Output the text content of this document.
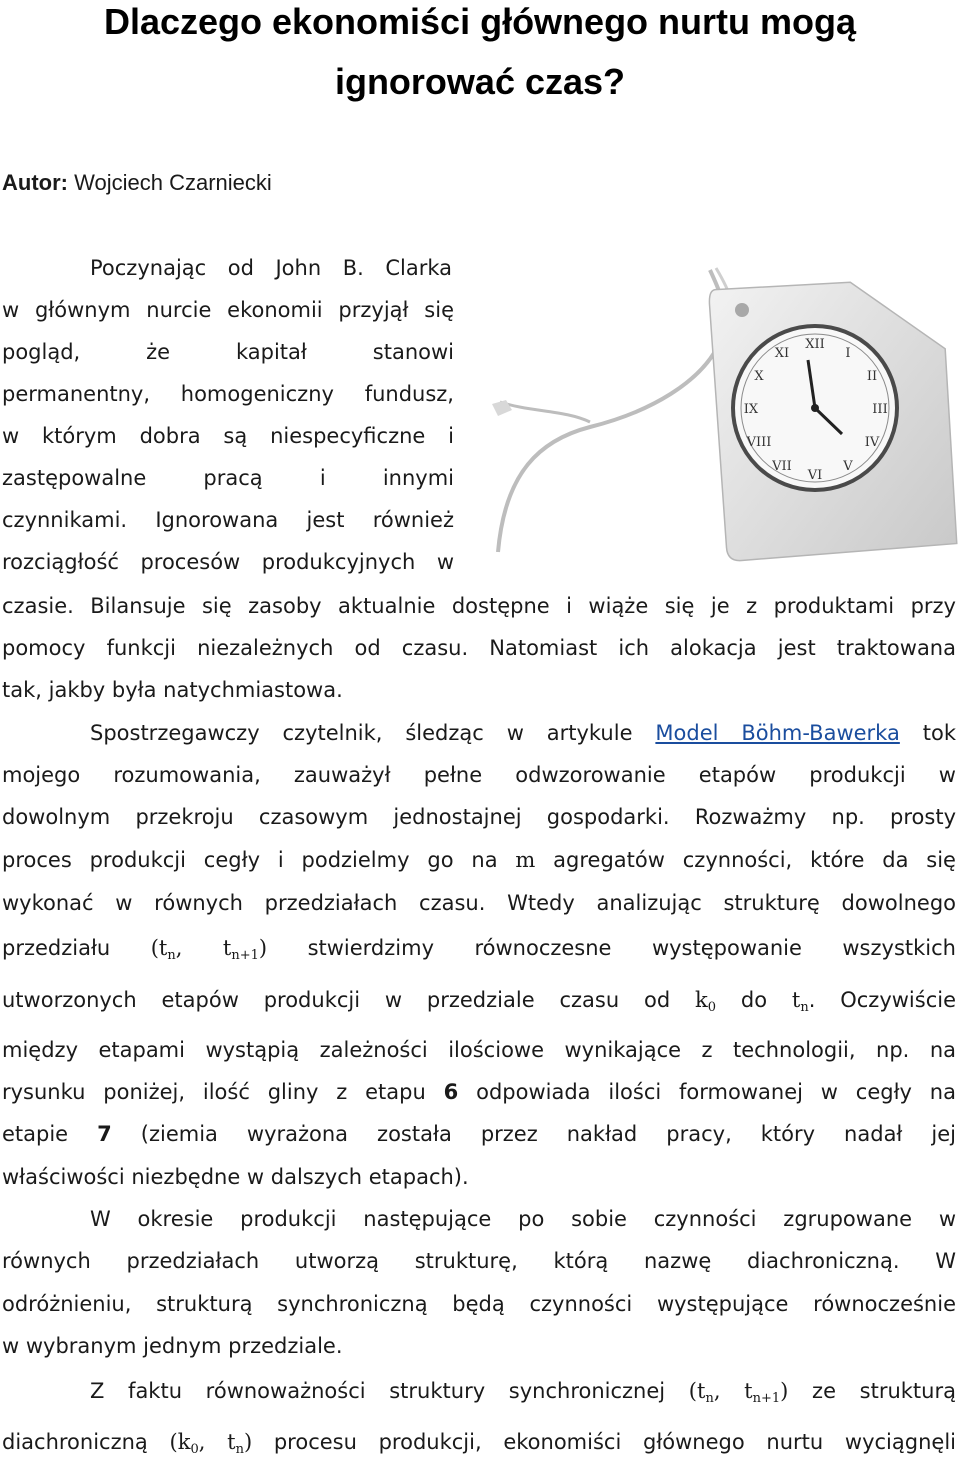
Dlaczego ekonomiści głównego nurtu mogą
ignorować czas?
Autor: Wojciech Czarniecki
XII
I
II
III
IV
V
VI
VII
VIII
IX
X
XI
Poczynając od John B. Clarka
w głównym nurcie ekonomii przyjął się
pogląd, że kapitał stanowi
permanentny, homogeniczny fundusz,
w którym dobra są niespecyficzne i
zastępowalne pracą i innymi
czynnikami. Ignorowana jest również
rozciągłość procesów produkcyjnych w
czasie. Bilansuje się zasoby aktualnie dostępne i wiąże się je z produktami przy
pomocy funkcji niezależnych od czasu. Natomiast ich alokacja jest traktowana
tak, jakby była natychmiastowa.
Spostrzegawczy czytelnik, śledząc w artykule Model Böhm-Bawerka tok
mojego rozumowania, zauważył pełne odwzorowanie etapów produkcji w
dowolnym przekroju czasowym jednostajnej gospodarki. Rozważmy np. prosty
proces produkcji cegły i podzielmy go na m agregatów czynności, które da się
wykonać w równych przedziałach czasu. Wtedy analizując strukturę dowolnego
przedziału ($t_n$, $t_{n+1}$) stwierdzimy równoczesne występowanie wszystkich
utworzonych etapów produkcji w przedziale czasu od $k_0$ do $t_n$. Oczywiście
między etapami wystąpią zależności ilościowe wynikające z technologii, np. na
rysunku poniżej, ilość gliny z etapu 6 odpowiada ilości formowanej w cegły na
etapie 7 (ziemia wyrażona została przez nakład pracy, który nadał jej
właściwości niezbędne w dalszych etapach).
W okresie produkcji następujące po sobie czynności zgrupowane w
równych przedziałach utworzą strukturę, którą nazwę diachroniczną. W
odróżnieniu, strukturą synchroniczną będą czynności występujące równocześnie
w wybranym jednym przedziale.
Z faktu równoważności struktury synchronicznej ($t_n$, $t_{n+1}$) ze strukturą
diachroniczną ($k_0$, $t_n$) procesu produkcji, ekonomiści głównego nurtu wyciągnęli
